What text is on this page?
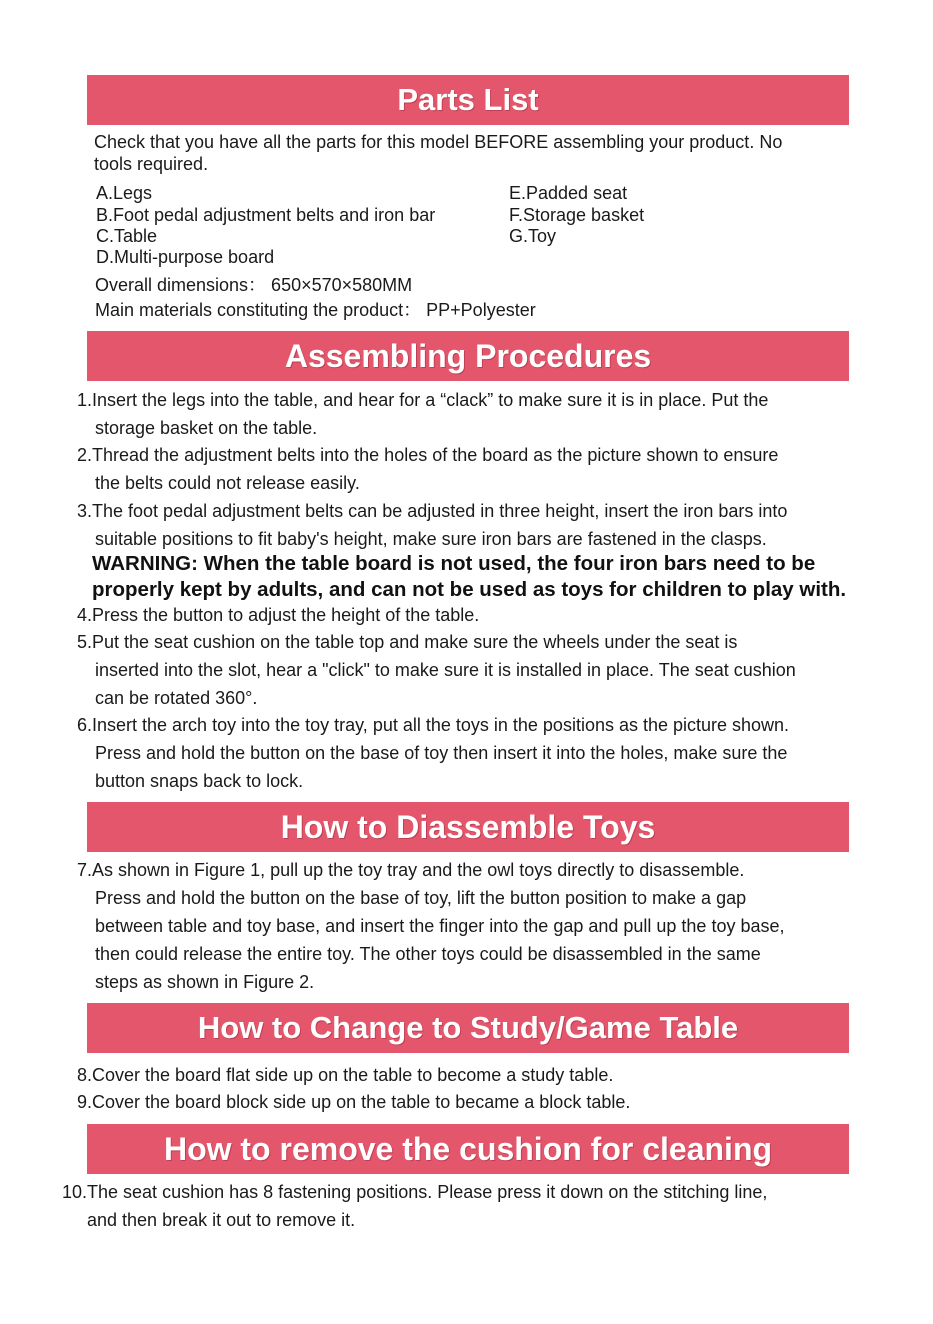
Parts List
Check that you have all the parts for this model BEFORE assembling your product. No
tools required.
A.Legs
B.Foot pedal adjustment belts and iron bar
C.Table
D.Multi-purpose board
E.Padded seat
F.Storage basket
G.Toy
Overall dimensions： 650×570×580MM
Main materials constituting the product： PP+Polyester
Assembling Procedures
1.Insert the legs into the table, and hear for a “clack” to make sure it is in place. Put the
storage basket on the table.
2.Thread the adjustment belts into the holes of the board as the picture shown to ensure
the belts could not release easily.
3.The foot pedal adjustment belts can be adjusted in three height, insert the iron bars into
suitable positions to fit baby's height, make sure iron bars are fastened in the clasps.
WARNING: When the table board is not used, the four iron bars need to be
properly kept by adults, and can not be used as toys for children to play with.
4.Press the button to adjust the height of the table.
5.Put the seat cushion on the table top and make sure the wheels under the seat is
inserted into the slot, hear a "click" to make sure it is installed in place. The seat cushion
can be rotated 360°.
6.Insert the arch toy into the toy tray, put all the toys in the positions as the picture shown.
Press and hold the button on the base of toy then insert it into the holes, make sure the
button snaps back to lock.
How to Diassemble Toys
7.As shown in Figure 1, pull up the toy tray and the owl toys directly to disassemble.
Press and hold the button on the base of toy, lift the button position to make a gap
between table and toy base, and insert the finger into the gap and pull up the toy base,
then could release the entire toy. The other toys could be disassembled in the same
steps as shown in Figure 2.
How to Change to Study/Game Table
8.Cover the board flat side up on the table to become a study table.
9.Cover the board block side up on the table to became a block table.
How to remove the cushion for cleaning
10.The seat cushion has 8 fastening positions. Please press it down on the stitching line,
and then break it out to remove it.
